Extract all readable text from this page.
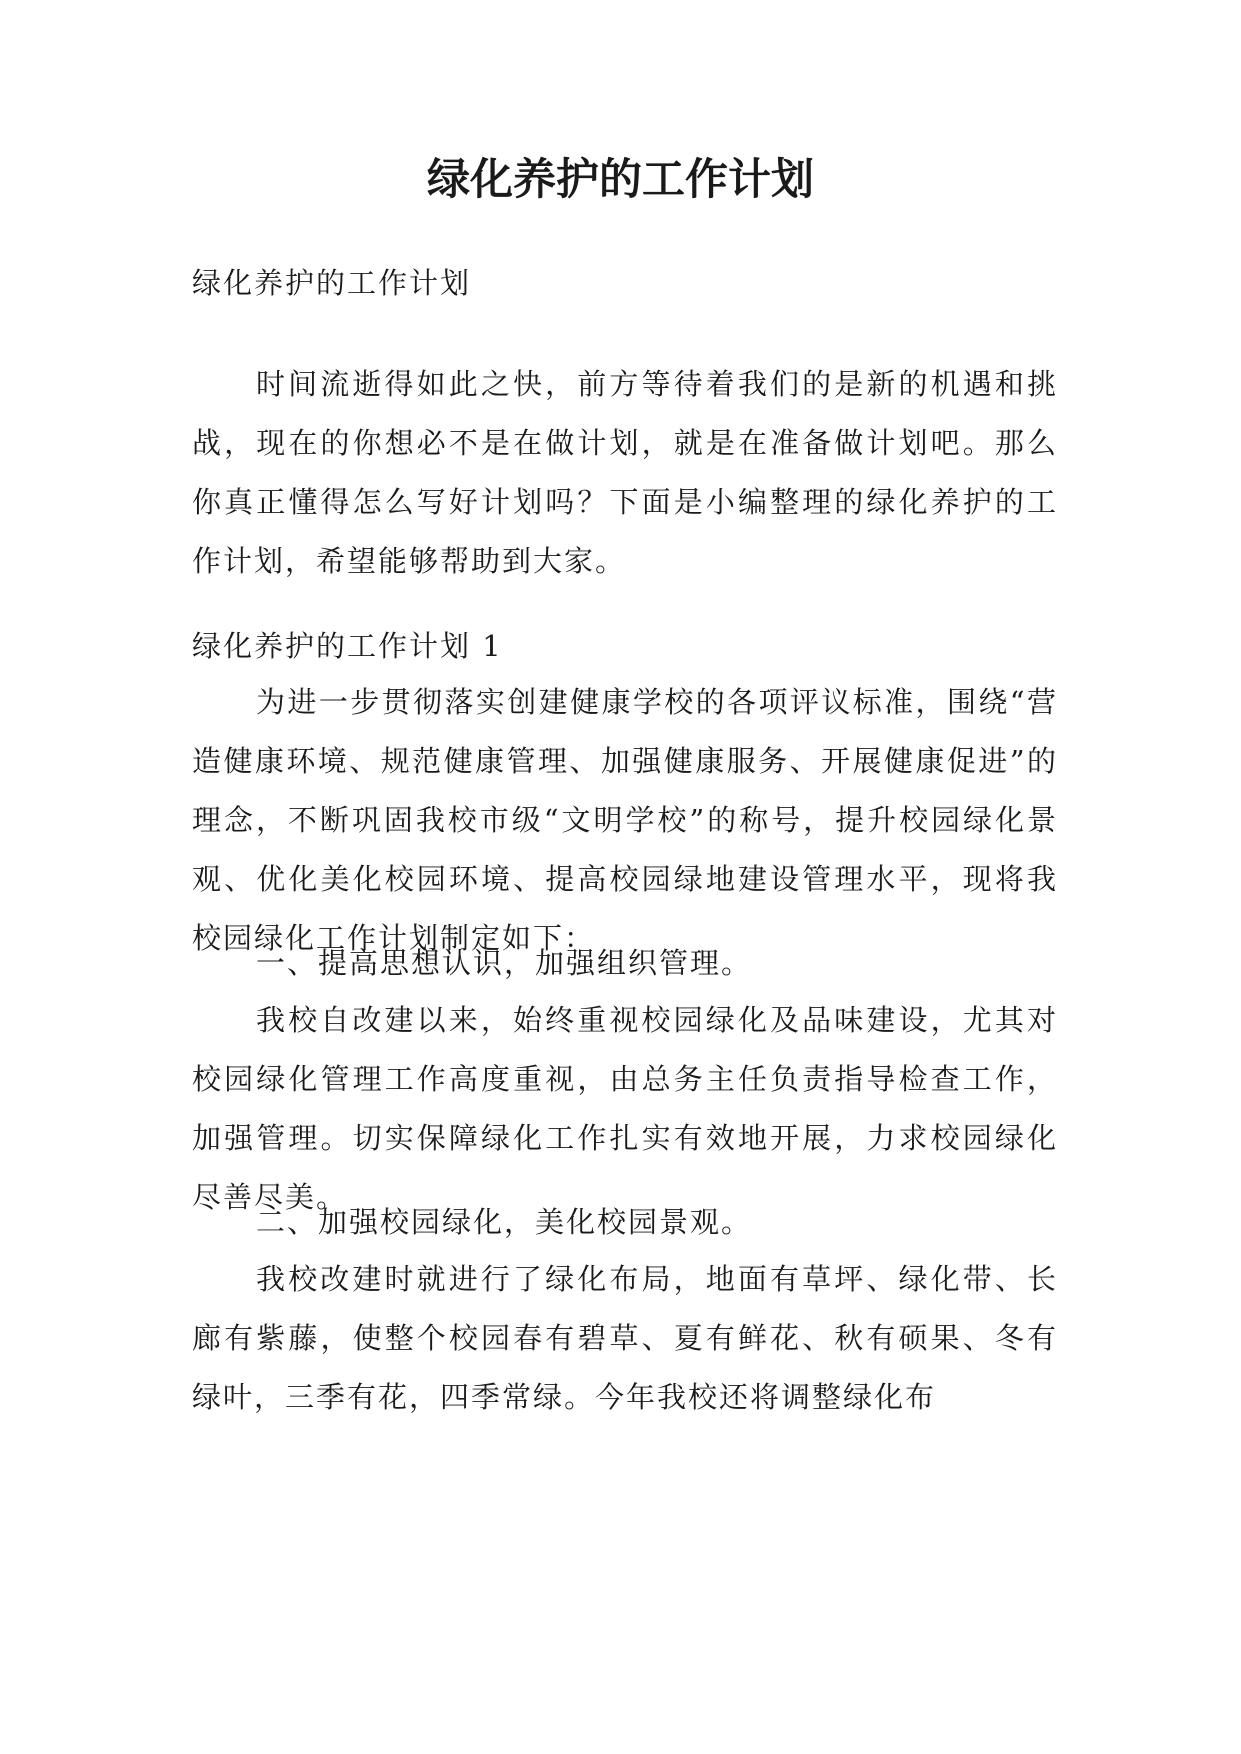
绿化养护的工作计划

绿化养护的工作计划

时间流逝得如此之快，前方等待着我们的是新的机遇和挑战，现在的你想必不是在做计划，就是在准备做计划吧。那么你真正懂得怎么写好计划吗？下面是小编整理的绿化养护的工作计划，希望能够帮助到大家。

绿化养护的工作计划 1

为进一步贯彻落实创建健康学校的各项评议标准，围绕“营造健康环境、规范健康管理、加强健康服务、开展健康促进”的理念，不断巩固我校市级“文明学校”的称号，提升校园绿化景观、优化美化校园环境、提高校园绿地建设管理水平，现将我校园绿化工作计划制定如下：

一、提高思想认识，加强组织管理。

我校自改建以来，始终重视校园绿化及品味建设，尤其对校园绿化管理工作高度重视，由总务主任负责指导检查工作，加强管理。切实保障绿化工作扎实有效地开展，力求校园绿化尽善尽美。

二、加强校园绿化，美化校园景观。

我校改建时就进行了绿化布局，地面有草坪、绿化带、长廊有紫藤，使整个校园春有碧草、夏有鲜花、秋有硕果、冬有绿叶，三季有花，四季常绿。今年我校还将调整绿化布
